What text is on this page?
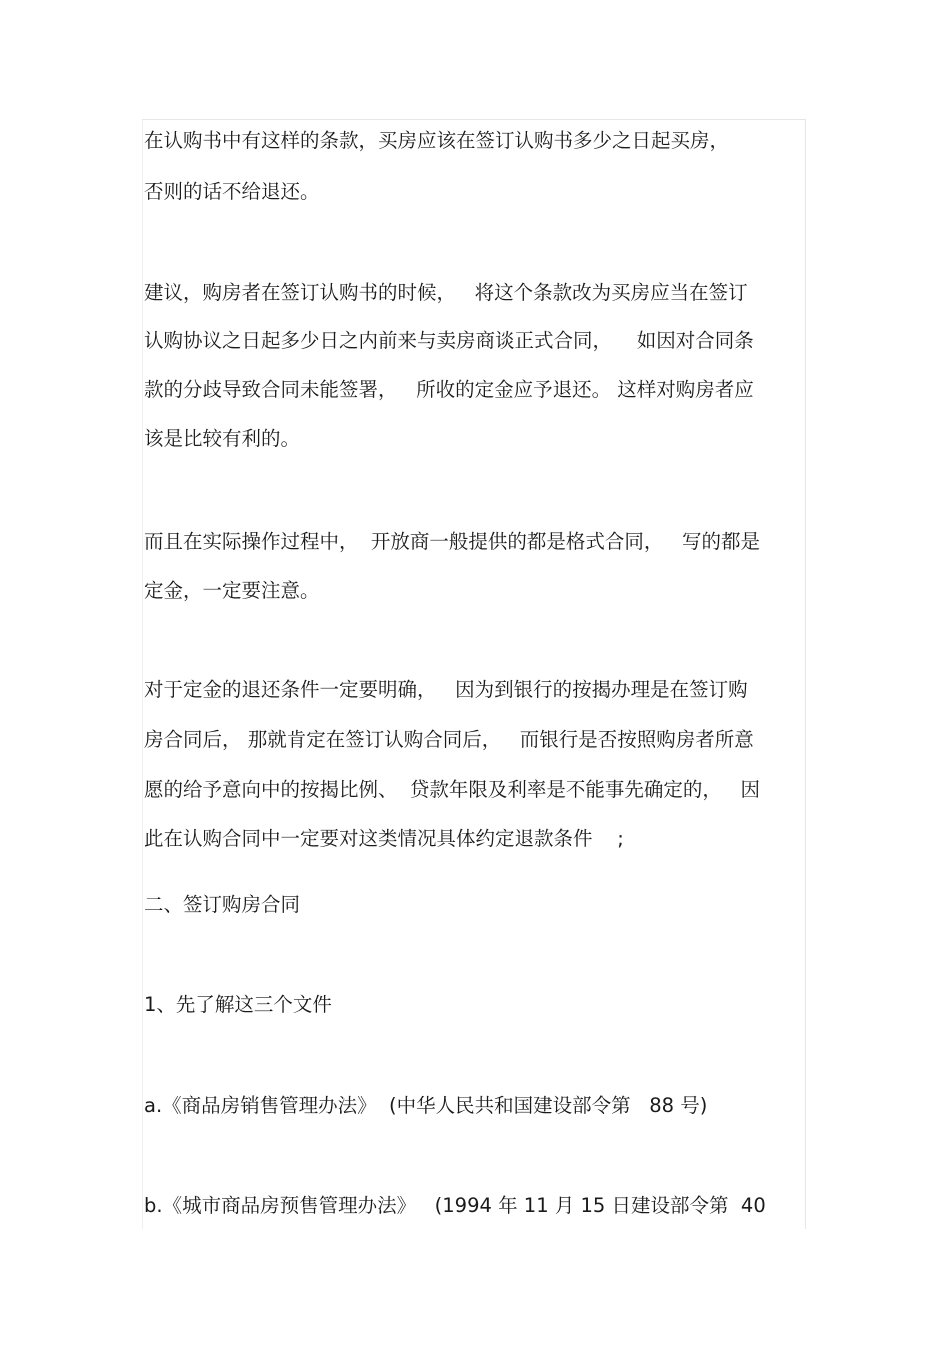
在认购书中有这样的条款，买房应该在签订认购书多少之日起买房，
否则的话不给退还。
建议，购房者在签订认购书的时候，   将这个条款改为买房应当在签订
认购协议之日起多少日之内前来与卖房商谈正式合同，    如因对合同条
款的分歧导致合同未能签署，   所收的定金应予退还。 这样对购房者应
该是比较有利的。
而且在实际操作过程中，  开放商一般提供的都是格式合同，   写的都是
定金，一定要注意。
对于定金的退还条件一定要明确，   因为到银行的按揭办理是在签订购
房合同后， 那就肯定在签订认购合同后，   而银行是否按照购房者所意
愿的给予意向中的按揭比例、  贷款年限及利率是不能事先确定的，   因
此在认购合同中一定要对这类情况具体约定退款条件    ;
二、签订购房合同
1、先了解这三个文件
a.《商品房销售管理办法》  (中华人民共和国建设部令第   88 号)
b.《城市商品房预售管理办法》   (1994 年 11 月 15 日建设部令第  40
